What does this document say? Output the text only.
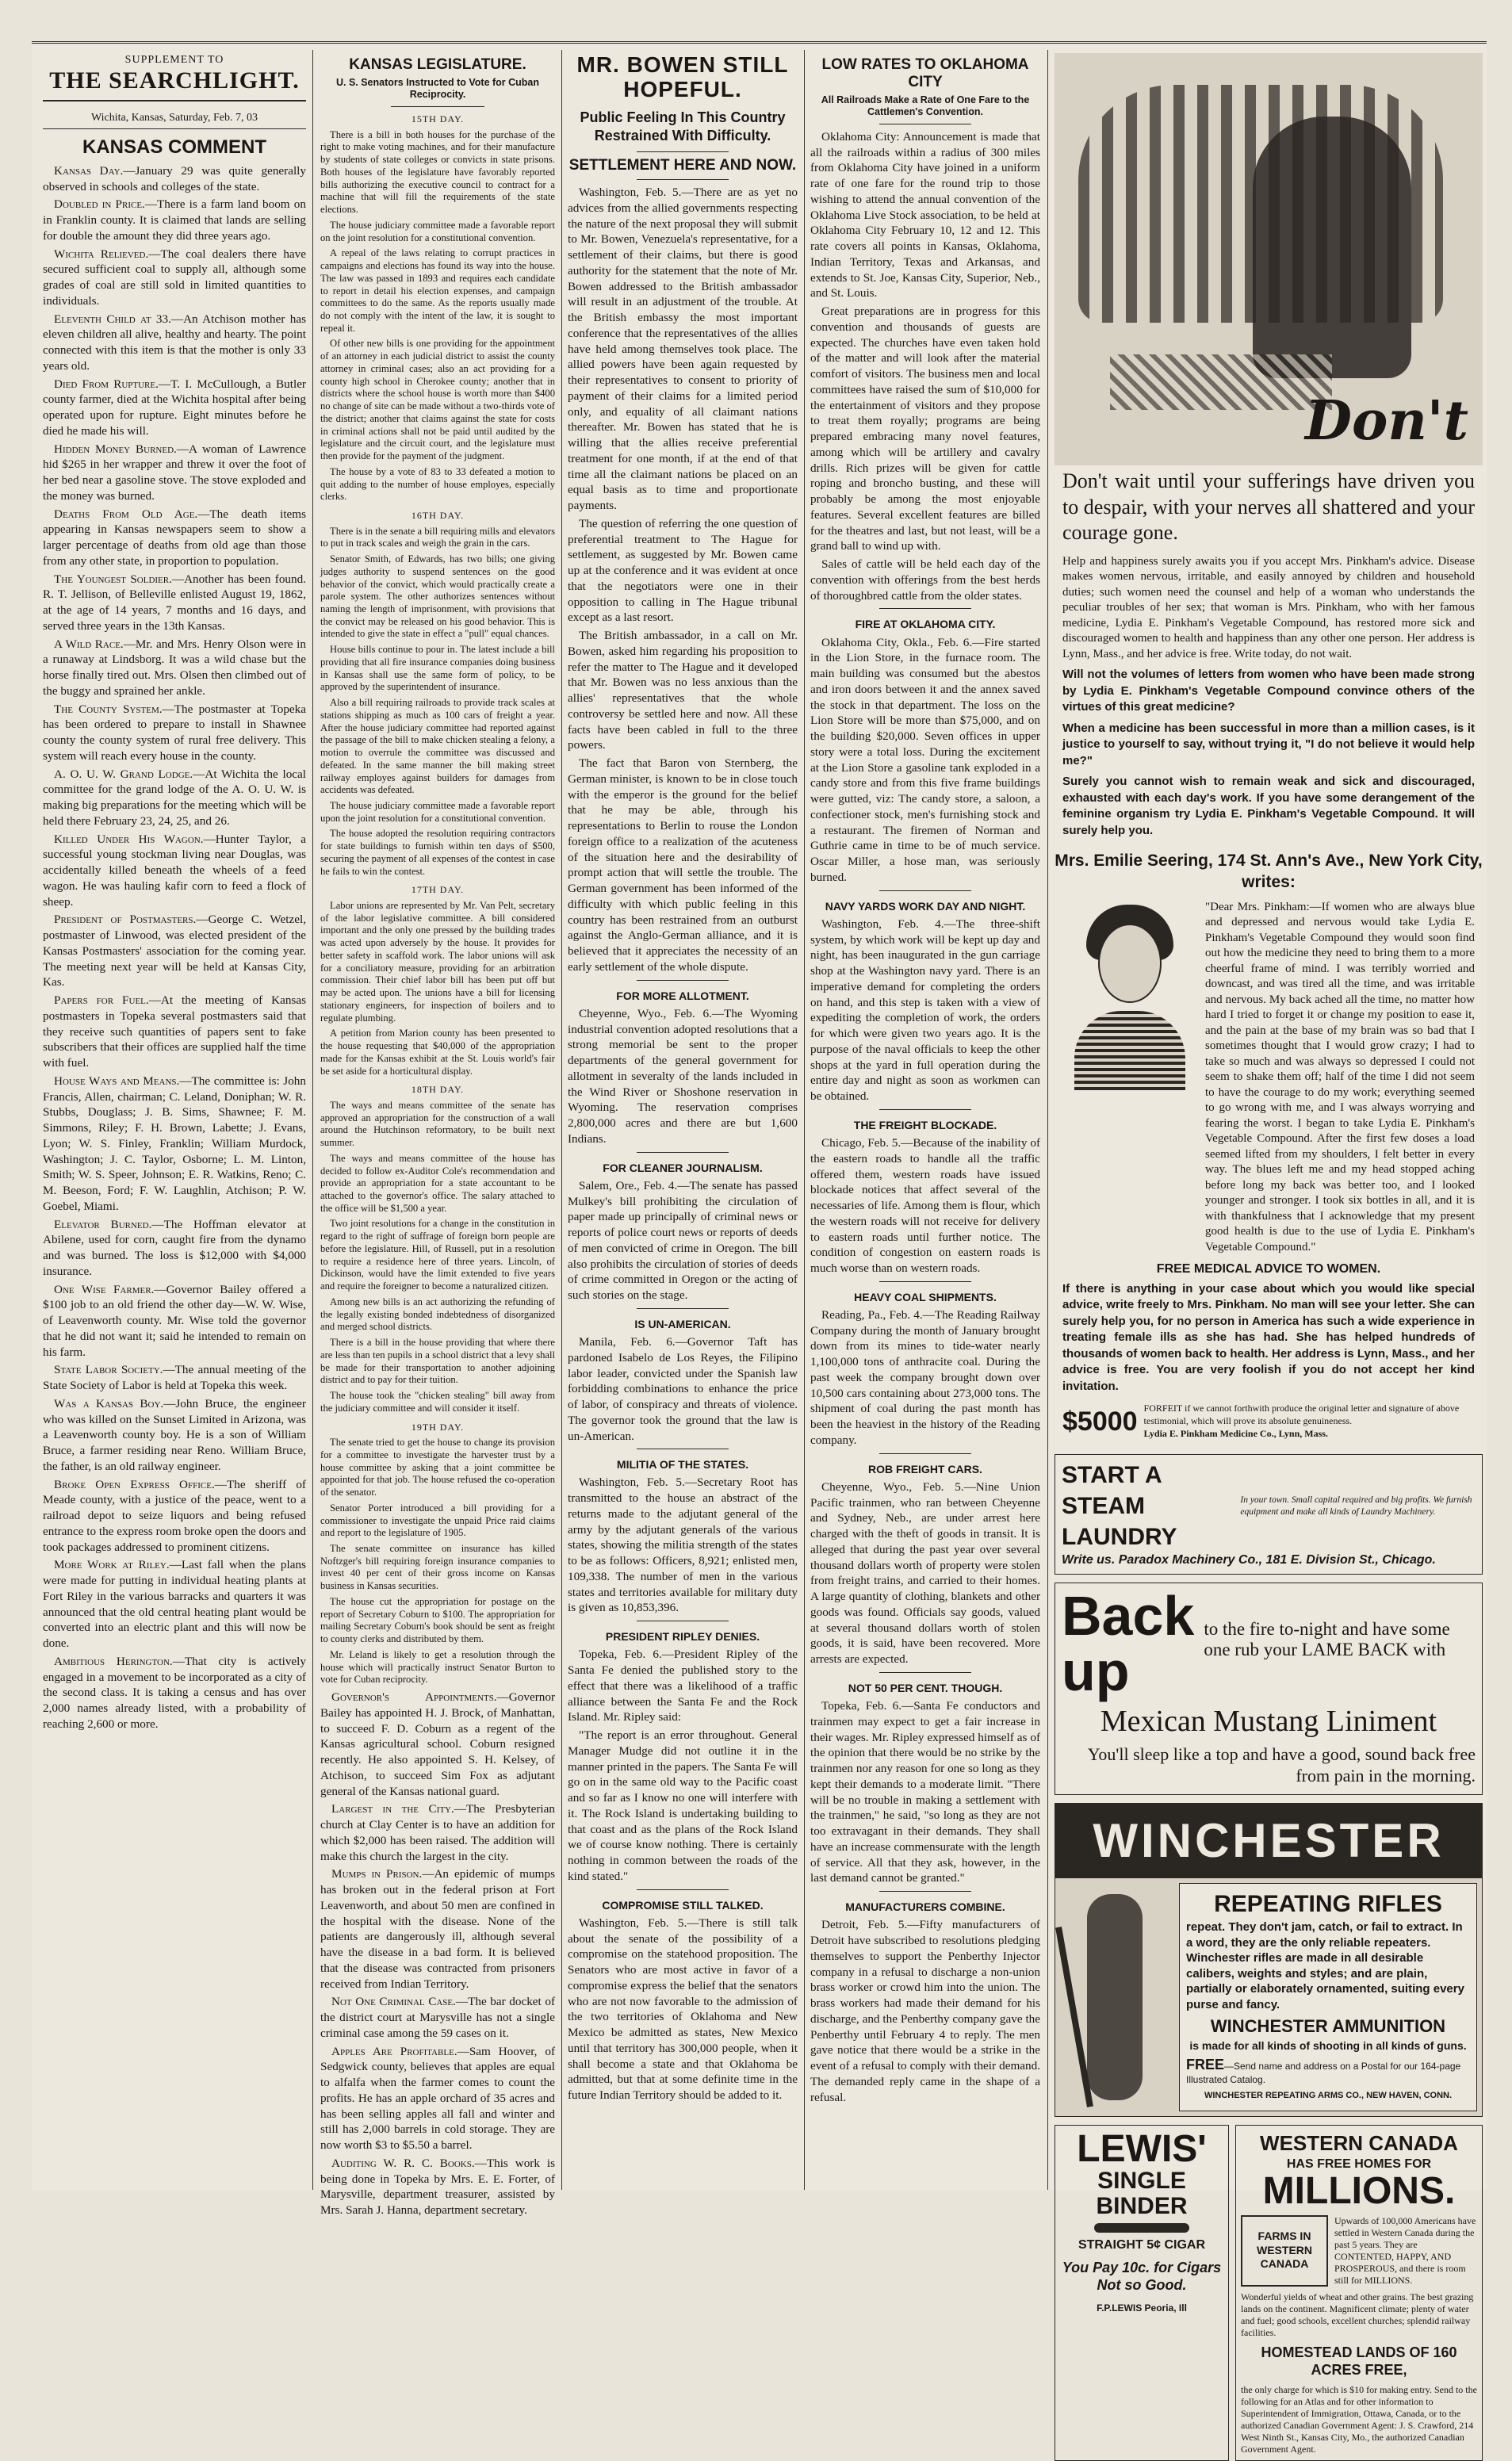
SUPPLEMENT TO
THE SEARCHLIGHT.
Wichita, Kansas, Saturday, Feb. 7, 03
KANSAS COMMENT

Kansas Day.—January 29 was quite generally observed in schools and colleges of the state.

Doubled in Price.—There is a farm land boom on in Franklin county. It is claimed that lands are selling for double the amount they did three years ago.

Wichita Relieved.—The coal dealers there have secured sufficient coal to supply all, although some grades of coal are still sold in limited quantities to individuals.

Eleventh Child at 33.—An Atchison mother has eleven children all alive, healthy and hearty. The point connected with this item is that the mother is only 33 years old.

Died From Rupture.—T. I. McCullough, a Butler county farmer, died at the Wichita hospital after being operated upon for rupture. Eight minutes before he died he made his will.

Hidden Money Burned.—A woman of Lawrence hid $265 in her wrapper and threw it over the foot of her bed near a gasoline stove. The stove exploded and the money was burned.

Deaths From Old Age.—The death items appearing in Kansas newspapers seem to show a larger percentage of deaths from old age than those from any other state, in proportion to population.

The Youngest Soldier.—Another has been found. R. T. Jellison, of Belleville enlisted August 19, 1862, at the age of 14 years, 7 months and 16 days, and served three years in the 13th Kansas.

A Wild Race.—Mr. and Mrs. Henry Olson were in a runaway at Lindsborg. It was a wild chase but the horse finally tired out. Mrs. Olsen then climbed out of the buggy and sprained her ankle.

The County System.—The postmaster at Topeka has been ordered to prepare to install in Shawnee county the county system of rural free delivery. This system will reach every house in the county.

A. O. U. W. Grand Lodge.—At Wichita the local committee for the grand lodge of the A. O. U. W. is making big preparations for the meeting which will be held there February 23, 24, 25, and 26.

Killed Under His Wagon.—Hunter Taylor, a successful young stockman living near Douglas, was accidentally killed beneath the wheels of a feed wagon. He was hauling kafir corn to feed a flock of sheep.

President of Postmasters.—George C. Wetzel, postmaster of Linwood, was elected president of the Kansas Postmasters' association for the coming year. The meeting next year will be held at Kansas City, Kas.

Papers for Fuel.—At the meeting of Kansas postmasters in Topeka several postmasters said that they receive such quantities of papers sent to fake subscribers that their offices are supplied half the time with fuel.

House Ways and Means.—The committee is: John Francis, Allen, chairman; C. Leland, Doniphan; W. R. Stubbs, Douglass; J. B. Sims, Shawnee; F. M. Simmons, Riley; F. H. Brown, Labette; J. Evans, Lyon; W. S. Finley, Franklin; William Murdock, Washington; J. C. Taylor, Osborne; L. M. Linton, Smith; W. S. Speer, Johnson; E. R. Watkins, Reno; C. M. Beeson, Ford; F. W. Laughlin, Atchison; P. W. Goebel, Miami.

Elevator Burned.—The Hoffman elevator at Abilene, used for corn, caught fire from the dynamo and was burned. The loss is $12,000 with $4,000 insurance.

One Wise Farmer.—Governor Bailey offered a $100 job to an old friend the other day—W. W. Wise, of Leavenworth county. Mr. Wise told the governor that he did not want it; said he intended to remain on his farm.

State Labor Society.—The annual meeting of the State Society of Labor is held at Topeka this week.

Was a Kansas Boy.—John Bruce, the engineer who was killed on the Sunset Limited in Arizona, was a Leavenworth county boy. He is a son of William Bruce, a farmer residing near Reno. William Bruce, the father, is an old railway engineer.

Broke Open Express Office.—The sheriff of Meade county, with a justice of the peace, went to a railroad depot to seize liquors and being refused entrance to the express room broke open the doors and took packages addressed to prominent citizens.

More Work at Riley.—Last fall when the plans were made for putting in individual heating plants at Fort Riley in the various barracks and quarters it was announced that the old central heating plant would be converted into an electric plant and this will now be done.

Ambitious Herington.—That city is actively engaged in a movement to be incorporated as a city of the second class. It is taking a census and has over 2,000 names already listed, with a probability of reaching 2,600 or more.

KANSAS LEGISLATURE.
U. S. Senators Instructed to Vote for Cuban Reciprocity.
15TH DAY.

There is a bill in both houses for the purchase of the right to make voting machines, and for their manufacture by students of state colleges or convicts in state prisons. Both houses of the legislature have favorably reported bills authorizing the executive council to contract for a machine that will fill the requirements of the state elections.

The house judiciary committee made a favorable report on the joint resolution for a constitutional convention.

A repeal of the laws relating to corrupt practices in campaigns and elections has found its way into the house. The law was passed in 1893 and requires each candidate to report in detail his election expenses, and campaign committees to do the same. As the reports usually made do not comply with the intent of the law, it is sought to repeal it.

Of other new bills is one providing for the appointment of an attorney in each judicial district to assist the county attorney in criminal cases; also an act providing for a county high school in Cherokee county; another that in districts where the school house is worth more than $400 no change of site can be made without a two-thirds vote of the district; another that claims against the state for costs in criminal actions shall not be paid until audited by the legislature and the circuit court, and the legislature must then provide for the payment of the judgment.

The house by a vote of 83 to 33 defeated a motion to quit adding to the number of house employes, especially clerks.

16TH DAY.

There is in the senate a bill requiring mills and elevators to put in track scales and weigh the grain in the cars.

Senator Smith, of Edwards, has two bills; one giving judges authority to suspend sentences on the good behavior of the convict, which would practically create a parole system. The other authorizes sentences without naming the length of imprisonment, with provisions that the convict may be released on his good behavior. This is intended to give the state in effect a "pull" equal chances.

House bills continue to pour in. The latest include a bill providing that all fire insurance companies doing business in Kansas shall use the same form of policy, to be approved by the superintendent of insurance.

Also a bill requiring railroads to provide track scales at stations shipping as much as 100 cars of freight a year. After the house judiciary committee had reported against the passage of the bill to make chicken stealing a felony, a motion to overrule the committee was discussed and defeated. In the same manner the bill making street railway employes against builders for damages from accidents was defeated.

The house judiciary committee made a favorable report upon the joint resolution for a constitutional convention.

The house adopted the resolution requiring contractors for state buildings to furnish within ten days of $500, securing the payment of all expenses of the contest in case he fails to win the contest.

17TH DAY.

Labor unions are represented by Mr. Van Pelt, secretary of the labor legislative committee. A bill considered important and the only one pressed by the building trades was acted upon adversely by the house. It provides for better safety in scaffold work. The labor unions will ask for a conciliatory measure, providing for an arbitration commission. Their chief labor bill has been put off but may be acted upon. The unions have a bill for licensing stationary engineers, for inspection of boilers and to regulate plumbing.

A petition from Marion county has been presented to the house requesting that $40,000 of the appropriation made for the Kansas exhibit at the St. Louis world's fair be set aside for a horticultural display.

18TH DAY.

The ways and means committee of the senate has approved an appropriation for the construction of a wall around the Hutchinson reformatory, to be built next summer.

The ways and means committee of the house has decided to follow ex-Auditor Cole's recommendation and provide an appropriation for a state accountant to be attached to the governor's office. The salary attached to the office will be $1,500 a year.

Two joint resolutions for a change in the constitution in regard to the right of suffrage of foreign born people are before the legislature. Hill, of Russell, put in a resolution to require a residence here of three years. Lincoln, of Dickinson, would have the limit extended to five years and require the foreigner to become a naturalized citizen.

Among new bills is an act authorizing the refunding of the legally existing bonded indebtedness of disorganized and merged school districts.

There is a bill in the house providing that where there are less than ten pupils in a school district that a levy shall be made for their transportation to another adjoining district and to pay for their tuition.

The house took the "chicken stealing" bill away from the judiciary committee and will consider it itself.

19TH DAY.

The senate tried to get the house to change its provision for a committee to investigate the harvester trust by a house committee by asking that a joint committee be appointed for that job. The house refused the co-operation of the senator.

Senator Porter introduced a bill providing for a commissioner to investigate the unpaid Price raid claims and report to the legislature of 1905.

The senate committee on insurance has killed Noftzger's bill requiring foreign insurance companies to invest 40 per cent of their gross income on Kansas business in Kansas securities.

The house cut the appropriation for postage on the report of Secretary Coburn to $100. The appropriation for mailing Secretary Coburn's book should be sent as freight to county clerks and distributed by them.

Mr. Leland is likely to get a resolution through the house which will practically instruct Senator Burton to vote for Cuban reciprocity.

Governor's Appointments.—Governor Bailey has appointed H. J. Brock, of Manhattan, to succeed F. D. Coburn as a regent of the Kansas agricultural school. Coburn resigned recently. He also appointed S. H. Kelsey, of Atchison, to succeed Sim Fox as adjutant general of the Kansas national guard.

Largest in the City.—The Presbyterian church at Clay Center is to have an addition for which $2,000 has been raised. The addition will make this church the largest in the city.

Mumps in Prison.—An epidemic of mumps has broken out in the federal prison at Fort Leavenworth, and about 50 men are confined in the hospital with the disease. None of the patients are dangerously ill, although several have the disease in a bad form. It is believed that the disease was contracted from prisoners received from Indian Territory.

Not One Criminal Case.—The bar docket of the district court at Marysville has not a single criminal case among the 59 cases on it.

Apples Are Profitable.—Sam Hoover, of Sedgwick county, believes that apples are equal to alfalfa when the farmer comes to count the profits. He has an apple orchard of 35 acres and has been selling apples all fall and winter and still has 2,000 barrels in cold storage. They are now worth $3 to $5.50 a barrel.

Auditing W. R. C. Books.—This work is being done in Topeka by Mrs. E. E. Forter, of Marysville, department treasurer, assisted by Mrs. Sarah J. Hanna, department secretary.

MR. BOWEN STILL HOPEFUL.
Public Feeling In This Country Restrained With Difficulty.
SETTLEMENT HERE AND NOW.

Washington, Feb. 5.—There are as yet no advices from the allied governments respecting the nature of the next proposal they will submit to Mr. Bowen, Venezuela's representative, for a settlement of their claims, but there is good authority for the statement that the note of Mr. Bowen addressed to the British ambassador will result in an adjustment of the trouble. At the British embassy the most important conference that the representatives of the allies have held among themselves took place. The allied powers have been again requested by their representatives to consent to priority of payment of their claims for a limited period only, and equality of all claimant nations thereafter. Mr. Bowen has stated that he is willing that the allies receive preferential treatment for one month, if at the end of that time all the claimant nations be placed on an equal basis as to time and proportionate payments.

The question of referring the one question of preferential treatment to The Hague for settlement, as suggested by Mr. Bowen came up at the conference and it was evident at once that the negotiators were one in their opposition to calling in The Hague tribunal except as a last resort.

The British ambassador, in a call on Mr. Bowen, asked him regarding his proposition to refer the matter to The Hague and it developed that Mr. Bowen was no less anxious than the allies' representatives that the whole controversy be settled here and now. All these facts have been cabled in full to the three powers.

The fact that Baron von Sternberg, the German minister, is known to be in close touch with the emperor is the ground for the belief that he may be able, through his representations to Berlin to rouse the London foreign office to a realization of the acuteness of the situation here and the desirability of prompt action that will settle the trouble. The German government has been informed of the difficulty with which public feeling in this country has been restrained from an outburst against the Anglo-German alliance, and it is believed that it appreciates the necessity of an early settlement of the whole dispute.

FOR MORE ALLOTMENT.

Cheyenne, Wyo., Feb. 6.—The Wyoming industrial convention adopted resolutions that a strong memorial be sent to the proper departments of the general government for allotment in severalty of the lands included in the Wind River or Shoshone reservation in Wyoming. The reservation comprises 2,800,000 acres and there are but 1,600 Indians.

FOR CLEANER JOURNALISM.

Salem, Ore., Feb. 4.—The senate has passed Mulkey's bill prohibiting the circulation of paper made up principally of criminal news or reports of police court news or reports of deeds of men convicted of crime in Oregon. The bill also prohibits the circulation of stories of deeds of crime committed in Oregon or the acting of such stories on the stage.

IS UN-AMERICAN.

Manila, Feb. 6.—Governor Taft has pardoned Isabelo de Los Reyes, the Filipino labor leader, convicted under the Spanish law forbidding combinations to enhance the price of labor, of conspiracy and threats of violence. The governor took the ground that the law is un-American.

MILITIA OF THE STATES.

Washington, Feb. 5.—Secretary Root has transmitted to the house an abstract of the returns made to the adjutant general of the army by the adjutant generals of the various states, showing the militia strength of the states to be as follows: Officers, 8,921; enlisted men, 109,338. The number of men in the various states and territories available for military duty is given as 10,853,396.

PRESIDENT RIPLEY DENIES.

Topeka, Feb. 6.—President Ripley of the Santa Fe denied the published story to the effect that there was a likelihood of a traffic alliance between the Santa Fe and the Rock Island. Mr. Ripley said:

"The report is an error throughout. General Manager Mudge did not outline it in the manner printed in the papers. The Santa Fe will go on in the same old way to the Pacific coast and so far as I know no one will interfere with it. The Rock Island is undertaking building to that coast and as the plans of the Rock Island we of course know nothing. There is certainly nothing in common between the roads of the kind stated."

COMPROMISE STILL TALKED.

Washington, Feb. 5.—There is still talk about the senate of the possibility of a compromise on the statehood proposition. The Senators who are most active in favor of a compromise express the belief that the senators who are not now favorable to the admission of the two territories of Oklahoma and New Mexico be admitted as states, New Mexico until that territory has 300,000 people, when it shall become a state and that Oklahoma be admitted, but that at some definite time in the future Indian Territory should be added to it.

LOW RATES TO OKLAHOMA CITY
All Railroads Make a Rate of One Fare to the Cattlemen's Convention.

Oklahoma City: Announcement is made that all the railroads within a radius of 300 miles from Oklahoma City have joined in a uniform rate of one fare for the round trip to those wishing to attend the annual convention of the Oklahoma Live Stock association, to be held at Oklahoma City February 10, 12 and 12. This rate covers all points in Kansas, Oklahoma, Indian Territory, Texas and Arkansas, and extends to St. Joe, Kansas City, Superior, Neb., and St. Louis.

Great preparations are in progress for this convention and thousands of guests are expected. The churches have even taken hold of the matter and will look after the material comfort of visitors. The business men and local committees have raised the sum of $10,000 for the entertainment of visitors and they propose to treat them royally; programs are being prepared embracing many novel features, among which will be artillery and cavalry drills. Rich prizes will be given for cattle roping and broncho busting, and these will probably be among the most enjoyable features. Several excellent features are billed for the theatres and last, but not least, will be a grand ball to wind up with.

Sales of cattle will be held each day of the convention with offerings from the best herds of thoroughbred cattle from the older states.

FIRE AT OKLAHOMA CITY.

Oklahoma City, Okla., Feb. 6.—Fire started in the Lion Store, in the furnace room. The main building was consumed but the abestos and iron doors between it and the annex saved the stock in that department. The loss on the Lion Store will be more than $75,000, and on the building $20,000. Seven offices in upper story were a total loss. During the excitement at the Lion Store a gasoline tank exploded in a candy store and from this five frame buildings were gutted, viz: The candy store, a saloon, a confectioner stock, men's furnishing stock and a restaurant. The firemen of Norman and Guthrie came in time to be of much service. Oscar Miller, a hose man, was seriously burned.

NAVY YARDS WORK DAY AND NIGHT.

Washington, Feb. 4.—The three-shift system, by which work will be kept up day and night, has been inaugurated in the gun carriage shop at the Washington navy yard. There is an imperative demand for completing the orders on hand, and this step is taken with a view of expediting the completion of work, the orders for which were given two years ago. It is the purpose of the naval officials to keep the other shops at the yard in full operation during the entire day and night as soon as workmen can be obtained.

THE FREIGHT BLOCKADE.

Chicago, Feb. 5.—Because of the inability of the eastern roads to handle all the traffic offered them, western roads have issued blockade notices that affect several of the necessaries of life. Among them is flour, which the western roads will not receive for delivery to eastern roads until further notice. The condition of congestion on eastern roads is much worse than on western roads.

HEAVY COAL SHIPMENTS.

Reading, Pa., Feb. 4.—The Reading Railway Company during the month of January brought down from its mines to tide-water nearly 1,100,000 tons of anthracite coal. During the past week the company brought down over 10,500 cars containing about 273,000 tons. The shipment of coal during the past month has been the heaviest in the history of the Reading company.

ROB FREIGHT CARS.

Cheyenne, Wyo., Feb. 5.—Nine Union Pacific trainmen, who ran between Cheyenne and Sydney, Neb., are under arrest here charged with the theft of goods in transit. It is alleged that during the past year over several thousand dollars worth of property were stolen from freight trains, and carried to their homes. A large quantity of clothing, blankets and other goods was found. Officials say goods, valued at several thousand dollars worth of stolen goods, it is said, have been recovered. More arrests are expected.

NOT 50 PER CENT. THOUGH.

Topeka, Feb. 6.—Santa Fe conductors and trainmen may expect to get a fair increase in their wages. Mr. Ripley expressed himself as of the opinion that there would be no strike by the trainmen nor any reason for one so long as they kept their demands to a moderate limit. "There will be no trouble in making a settlement with the trainmen," he said, "so long as they are not too extravagant in their demands. They shall have an increase commensurate with the length of service. All that they ask, however, in the last demand cannot be granted."

MANUFACTURERS COMBINE.

Detroit, Feb. 5.—Fifty manufacturers of Detroit have subscribed to resolutions pledging themselves to support the Penberthy Injector company in a refusal to discharge a non-union brass worker or crowd him into the union. The brass workers had made their demand for his discharge, and the Penberthy company gave the Penberthy until February 4 to reply. The men gave notice that there would be a strike in the event of a refusal to comply with their demand. The demanded reply came in the shape of a refusal.

Don't
Don't wait until your sufferings have driven you to despair, with your nerves all shattered and your courage gone.
Help and happiness surely awaits you if you accept Mrs. Pinkham's advice. Disease makes women nervous, irritable, and easily annoyed by children and household duties; such women need the counsel and help of a woman who understands the peculiar troubles of her sex; that woman is Mrs. Pinkham, who with her famous medicine, Lydia E. Pinkham's Vegetable Compound, has restored more sick and discouraged women to health and happiness than any other one person. Her address is Lynn, Mass., and her advice is free. Write today, do not wait.
Will not the volumes of letters from women who have been made strong by Lydia E. Pinkham's Vegetable Compound convince others of the virtues of this great medicine?
When a medicine has been successful in more than a million cases, is it justice to yourself to say, without trying it, "I do not believe it would help me?"
Surely you cannot wish to remain weak and sick and discouraged, exhausted with each day's work. If you have some derangement of the feminine organism try Lydia E. Pinkham's Vegetable Compound. It will surely help you.
Mrs. Emilie Seering, 174 St. Ann's Ave., New York City, writes:
"Dear Mrs. Pinkham:—If women who are always blue and depressed and nervous would take Lydia E. Pinkham's Vegetable Compound they would soon find out how the medicine they need to bring them to a more cheerful frame of mind. I was terribly worried and downcast, and was tired all the time, and was irritable and nervous. My back ached all the time, no matter how hard I tried to forget it or change my position to ease it, and the pain at the base of my brain was so bad that I sometimes thought that I would grow crazy; I had to take so much and was always so depressed I could not seem to shake them off; half of the time I did not seem to have the courage to do my work; everything seemed to go wrong with me, and I was always worrying and fearing the worst. I began to take Lydia E. Pinkham's Vegetable Compound. After the first few doses a load seemed lifted from my shoulders, I felt better in every way. The blues left me and my head stopped aching before long my back was better too, and I looked younger and stronger. I took six bottles in all, and it is with thankfulness that I acknowledge that my present good health is due to the use of Lydia E. Pinkham's Vegetable Compound."
FREE MEDICAL ADVICE TO WOMEN.
If there is anything in your case about which you would like special advice, write freely to Mrs. Pinkham. No man will see your letter. She can surely help you, for no person in America has such a wide experience in treating female ills as she has had. She has helped hundreds of thousands of women back to health. Her address is Lynn, Mass., and her advice is free. You are very foolish if you do not accept her kind invitation.
$5000 FORFEIT if we cannot forthwith produce the original letter and signature of above testimonial, which will prove its absolute genuineness.
Lydia E. Pinkham Medicine Co., Lynn, Mass.
START A STEAM LAUNDRY
In your town. Small capital required and big profits. We furnish equipment and make all kinds of Laundry Machinery.
Write us. Paradox Machinery Co., 181 E. Division St., Chicago.
Back up
to the fire to-night and have some one rub your LAME BACK with
Mexican Mustang Liniment
You'll sleep like a top and have a good, sound back free from pain in the morning.
WINCHESTER
REPEATING RIFLES
repeat. They don't jam, catch, or fail to extract. In a word, they are the only reliable repeaters. Winchester rifles are made in all desirable calibers, weights and styles; and are plain, partially or elaborately ornamented, suiting every purse and fancy.
WINCHESTER AMMUNITION
is made for all kinds of shooting in all kinds of guns.
FREE—Send name and address on a Postal for our 164-page Illustrated Catalog.
WINCHESTER REPEATING ARMS CO., NEW HAVEN, CONN.
LEWIS'
SINGLE BINDER
STRAIGHT 5¢ CIGAR
You Pay 10c. for Cigars Not so Good.
F.P.LEWIS Peoria, Ill
WESTERN CANADA
HAS FREE HOMES FOR
MILLIONS.
FARMS IN WESTERN CANADA
Upwards of 100,000 Americans have settled in Western Canada during the past 5 years. They are CONTENTED, HAPPY, AND PROSPEROUS, and there is room still for MILLIONS.
Wonderful yields of wheat and other grains. The best grazing lands on the continent. Magnificent climate; plenty of water and fuel; good schools, excellent churches; splendid railway facilities.
HOMESTEAD LANDS OF 160 ACRES FREE,
the only charge for which is $10 for making entry. Send to the following for an Atlas and for other information to Superintendent of Immigration, Ottawa, Canada, or to the authorized Canadian Government Agent: J. S. Crawford, 214 West Ninth St., Kansas City, Mo., the authorized Canadian Government Agent.
